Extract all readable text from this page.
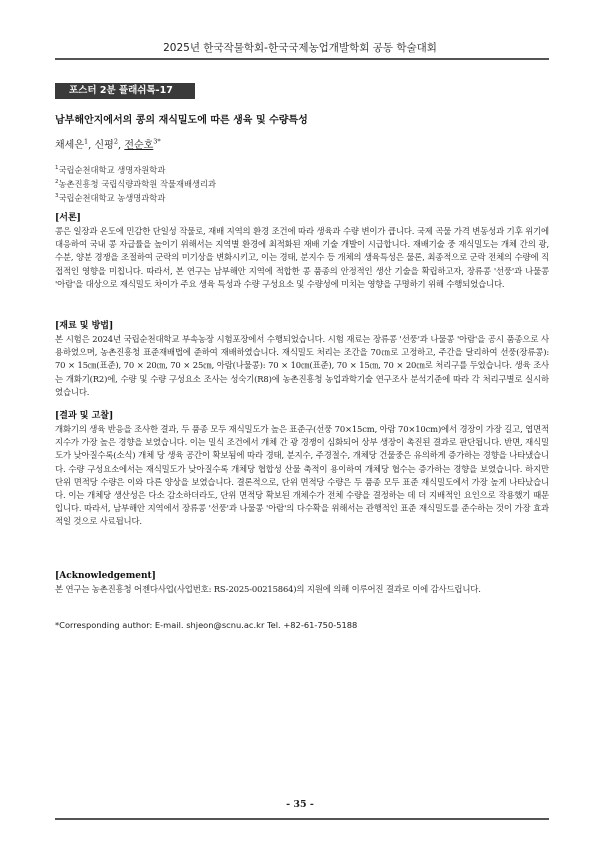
2025년 한국작물학회-한국국제농업개발학회 공동 학술대회
포스터 2분 플래쉬톡-17
남부해안지에서의 콩의 재식밀도에 따른 생육 및 수량특성
채세은$^1$, 신평$^2$, 전순호$^{3*}$
$^1$국립순천대학교 생명자원학과
$^2$농촌진흥청 국립식량과학원 작물재배생리과
$^3$국립순천대학교 농생명과학과

[서론]

콩은 일장과 온도에 민감한 단일성 작물로, 재배 지역의 환경 조건에 따라 생육과 수량 변이가 큽니다. 국제 곡물 가격 변동성과 기후 위기에 대응하여 국내 콩 자급률을 높이기 위해서는 지역별 환경에 최적화된 재배 기술 개발이 시급합니다. 재배기술 중 재식밀도는 개체 간의 광, 수분, 양분 경쟁을 조절하여 군락의 미기상을 변화시키고, 이는 경태, 분지수 등 개체의 생육특성은 물론, 최종적으로 군락 전체의 수량에 직접적인 영향을 미칩니다. 따라서, 본 연구는 남부해안 지역에 적합한 콩 품종의 안정적인 생산 기술을 확립하고자, 장류콩 '선풍'과 나물콩 '아람'을 대상으로 재식밀도 차이가 주요 생육 특성과 수량 구성요소 및 수량성에 미치는 영향을 구명하기 위해 수행되었습니다.

[재료 및 방법]

본 시험은 2024년 국립순천대학교 부속농장 시험포장에서 수행되었습니다. 시험 재료는 장류콩 '선풍'과 나물콩 '아람'을 공시 품종으로 사용하였으며, 농촌진흥청 표준재배법에 준하여 재배하였습니다. 재식밀도 처리는 조간을 70㎝로 고정하고, 주간을 달리하여 선풍(장류콩): 70 × 15㎝(표준), 70 × 20㎝, 70 × 25㎝, 아람(나물콩): 70 × 10㎝(표준), 70 × 15㎝, 70 × 20㎝로 처리구를 두었습니다. 생육 조사는 개화기(R2)에, 수량 및 수량 구성요소 조사는 성숙기(R8)에 농촌진흥청 농업과학기술 연구조사 분석기준에 따라 각 처리구별로 실시하였습니다.

[결과 및 고찰]

개화기의 생육 반응을 조사한 결과, 두 품종 모두 재식밀도가 높은 표준구(선풍 70×15cm, 아람 70×10cm)에서 경장이 가장 길고, 엽면적지수가 가장 높은 경향을 보였습니다. 이는 밀식 조건에서 개체 간 광 경쟁이 심화되어 상부 생장이 촉진된 결과로 판단됩니다. 반면, 재식밀도가 낮아질수록(소식) 개체 당 생육 공간이 확보됨에 따라 경태, 분지수, 주경절수, 개체당 건물중은 유의하게 증가하는 경향을 나타냈습니다. 수량 구성요소에서는 재식밀도가 낮아질수록 개체당 협합성 산물 축적이 용이하여 개체당 협수는 증가하는 경향을 보였습니다. 하지만 단위 면적당 수량은 이와 다른 양상을 보였습니다. 결론적으로, 단위 면적당 수량은 두 품종 모두 표준 재식밀도에서 가장 높게 나타났습니다. 이는 개체당 생산성은 다소 감소하더라도, 단위 면적당 확보된 개체수가 전체 수량을 결정하는 데 더 지배적인 요인으로 작용했기 때문입니다. 따라서, 남부해안 지역에서 장류콩 '선풍'과 나물콩 '아람'의 다수확을 위해서는 관행적인 표준 재식밀도를 준수하는 것이 가장 효과적일 것으로 사료됩니다.

[Acknowledgement]

본 연구는 농촌진흥청 어젠다사업(사업번호: RS-2025-00215864)의 지원에 의해 이루어진 결과로 이에 감사드립니다.

*Corresponding author: E-mail. shjeon@scnu.ac.kr Tel. +82-61-750-5188
- 35 -
